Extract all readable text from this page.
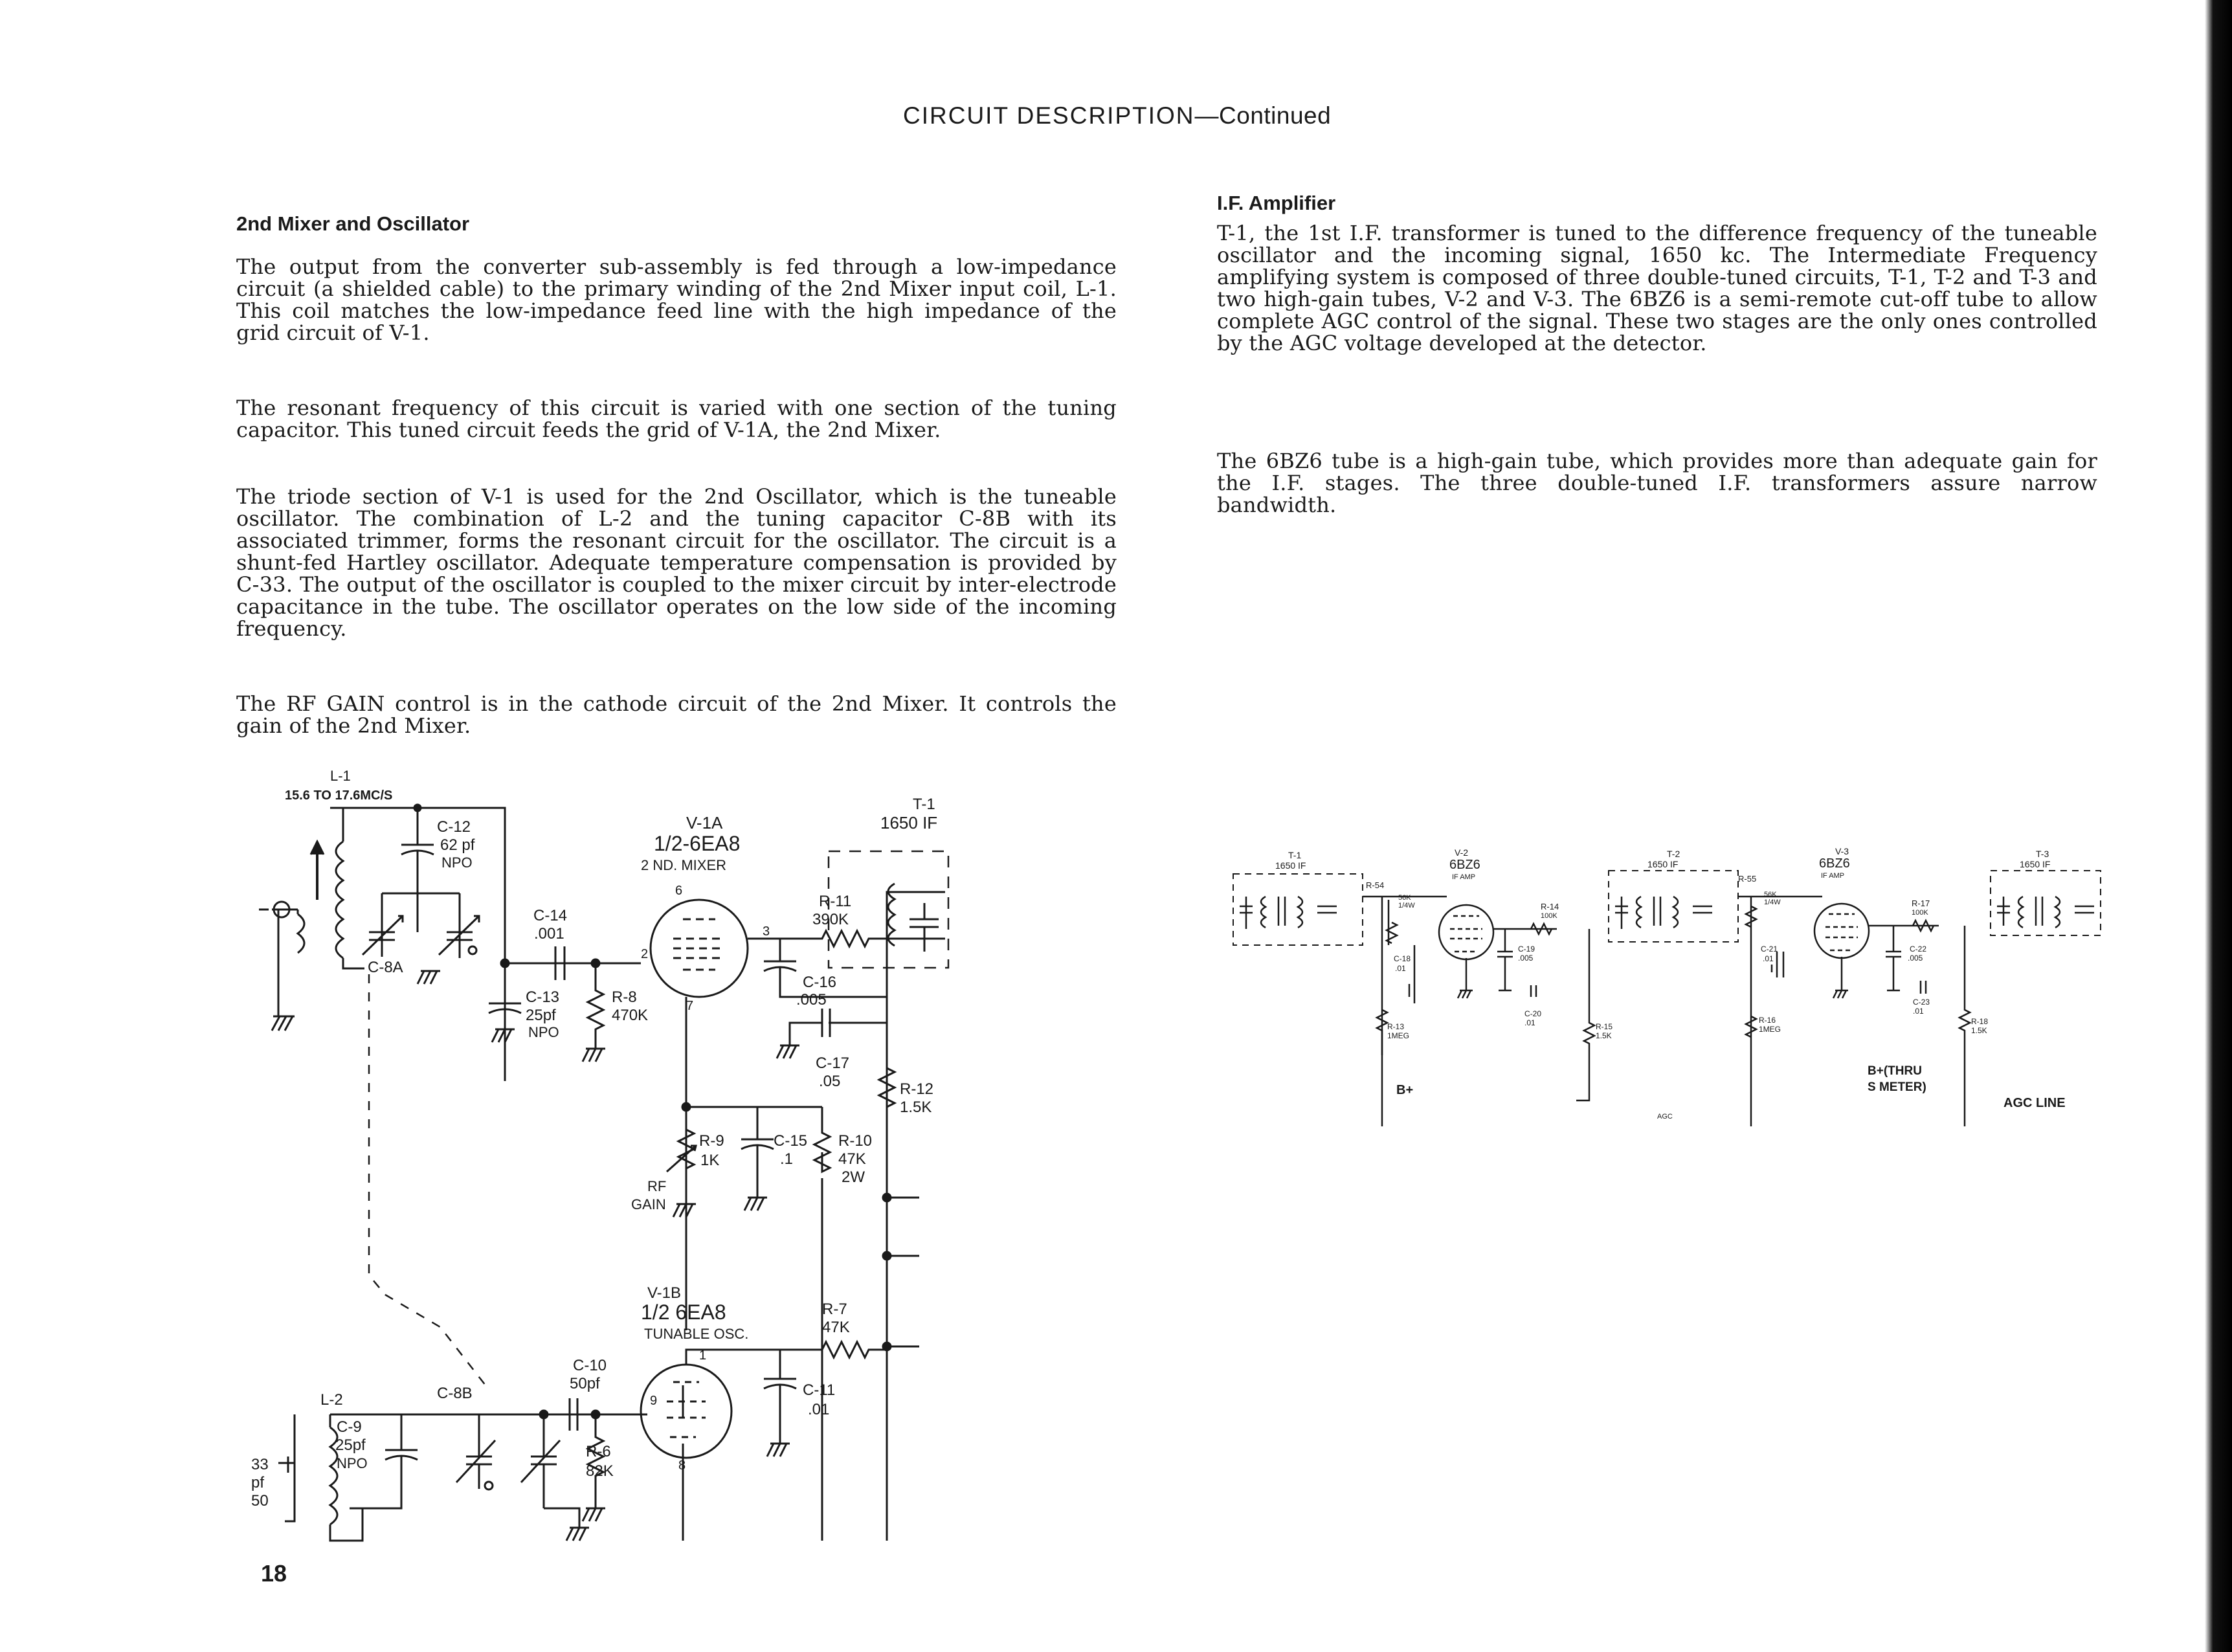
CIRCUIT DESCRIPTION—Continued
2nd Mixer and Oscillator
The output from the converter sub-assembly is fed through a low-impedance circuit (a shielded cable) to the primary winding of the 2nd Mixer input coil, L-1. This coil matches the low-impedance feed line with the high impedance of the grid circuit of V-1.
The resonant frequency of this circuit is varied with one section of the tuning capacitor. This tuned circuit feeds the grid of V-1A, the 2nd Mixer.
The triode section of V-1 is used for the 2nd Oscillator, which is the tuneable oscillator. The combination of L-2 and the tuning capacitor C-8B with its associated trimmer, forms the resonant circuit for the oscillator. The circuit is a shunt-fed Hartley oscillator. Adequate temperature compensation is provided by C-33. The output of the oscillator is coupled to the mixer circuit by inter-electrode capacitance in the tube. The oscillator operates on the low side of the incoming frequency.
The RF GAIN control is in the cathode circuit of the 2nd Mixer. It controls the gain of the 2nd Mixer.
I.F. Amplifier
T-1, the 1st I.F. transformer is tuned to the difference frequency of the tuneable oscillator and the incoming signal, 1650 kc. The Intermediate Frequency amplifying system is composed of three double-tuned circuits, T-1, T-2 and T-3 and two high-gain tubes, V-2 and V-3. The 6BZ6 is a semi-remote cut-off tube to allow complete AGC control of the signal. These two stages are the only ones controlled by the AGC voltage developed at the detector.
The 6BZ6 tube is a high-gain tube, which provides more than adequate gain for the I.F. stages. The three double-tuned I.F. transformers assure narrow bandwidth.
18
L-1
15.6 TO 17.6MC/S
C-12
62 pf
NPO
C-8A
C-14
.001
C-13
25pf
NPO
R-8
470K
V-1A
1/2-6EA8
2 ND. MIXER
6
2
3
7
R-11
390K
T-1
1650 IF
C-16
.005
C-17
.05	R-12
1.5K
R-9
1K
RF
GAIN
C-15
.1
R-10
47K
2W
V-1B
1/2 6EA8
TUNABLE OSC.
1
9
8
R-7
47K
C-11
.01
R-6
82K
C-10
50pf
C-8B
L-2
C-9
25pf
NPO
33
pf
50
T-1
1650 IF
R-54
56K
1/4W
V-2
6BZ6
IF AMP
R-14
100K
C-19
.005
C-18
.01
R-13
1MEG
B+
C-20
.01	R-15
1.5K
T-2
1650 IF
R-55
56K
1/4W
C-21
.01
R-16
1MEG
AGC
V-3
6BZ6
IF AMP
R-17
100K
C-22
.005
C-23
.01
R-18
1.5K
B+(THRU
S METER)
T-3
1650 IF
AGC LINE
